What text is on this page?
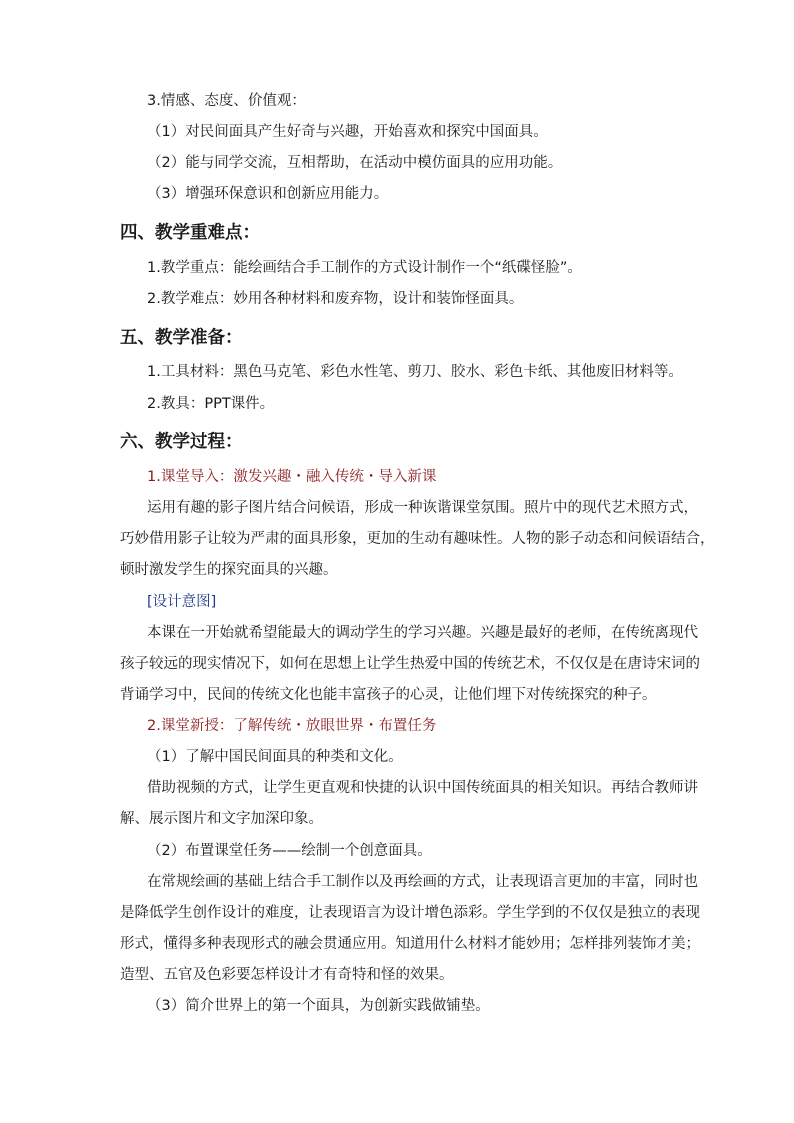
3.情感、态度、价值观：
（1）对民间面具产生好奇与兴趣，开始喜欢和探究中国面具。
（2）能与同学交流，互相帮助，在活动中模仿面具的应用功能。
（3）增强环保意识和创新应用能力。
四、教学重难点：
1.教学重点：能绘画结合手工制作的方式设计制作一个“纸碟怪脸”。
2.教学难点：妙用各种材料和废弃物，设计和装饰怪面具。
五、教学准备：
1.工具材料：黑色马克笔、彩色水性笔、剪刀、胶水、彩色卡纸、其他废旧材料等。
2.教具：PPT课件。
六、教学过程：
1.课堂导入：激发兴趣・融入传统・导入新课
运用有趣的影子图片结合问候语，形成一种诙谐课堂氛围。照片中的现代艺术照方式，
巧妙借用影子让较为严肃的面具形象，更加的生动有趣味性。人物的影子动态和问候语结合，
顿时激发学生的探究面具的兴趣。
[设计意图]
本课在一开始就希望能最大的调动学生的学习兴趣。兴趣是最好的老师，在传统离现代
孩子较远的现实情况下，如何在思想上让学生热爱中国的传统艺术，不仅仅是在唐诗宋词的
背诵学习中，民间的传统文化也能丰富孩子的心灵，让他们埋下对传统探究的种子。
2.课堂新授：了解传统・放眼世界・布置任务
（1）了解中国民间面具的种类和文化。
借助视频的方式，让学生更直观和快捷的认识中国传统面具的相关知识。再结合教师讲
解、展示图片和文字加深印象。
（2）布置课堂任务——绘制一个创意面具。
在常规绘画的基础上结合手工制作以及再绘画的方式，让表现语言更加的丰富，同时也
是降低学生创作设计的难度，让表现语言为设计增色添彩。学生学到的不仅仅是独立的表现
形式，懂得多种表现形式的融会贯通应用。知道用什么材料才能妙用；怎样排列装饰才美；
造型、五官及色彩要怎样设计才有奇特和怪的效果。
（3）简介世界上的第一个面具，为创新实践做铺垫。
